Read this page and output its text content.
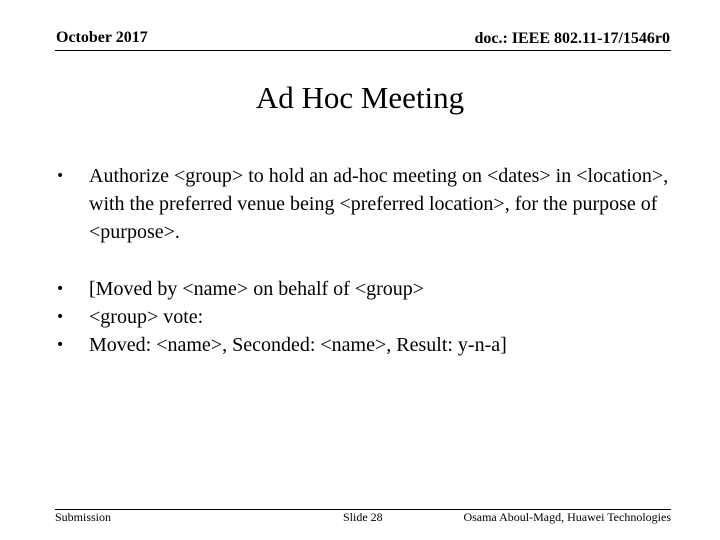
October 2017	doc.: IEEE 802.11-17/1546r0
Ad Hoc Meeting
•	Authorize <group> to hold an ad-hoc meeting on <dates> in <location>, with the preferred venue being <preferred location>, for the purpose of <purpose>.
•	[Moved by <name> on behalf of <group>
•	<group> vote:
•	Moved: <name>, Seconded: <name>, Result: y-n-a]
Submission	Slide 28	Osama Aboul-Magd, Huawei Technologies
